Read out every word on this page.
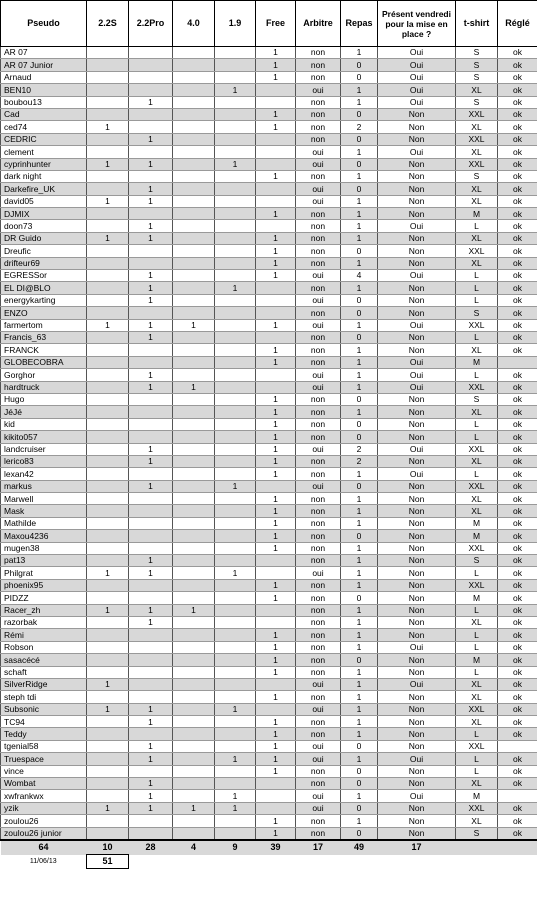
Pseudo	2.2S	2.2Pro	4.0	1.9	Free	Arbitre	Repas	Présent vendredi pour la mise en place ?	t-shirt	Réglé
AR 07					1	non	1	Oui	S	ok
AR 07 Junior					1	non	0	Oui	S	ok
Arnaud					1	non	0	Oui	S	ok
BEN10				1		oui	1	Oui	XL	ok
boubou13		1				non	1	Oui	S	ok
Cad					1	non	0	Non	XXL	ok
ced74	1				1	non	2	Non	XL	ok
CEDRIC		1				non	0	Non	XXL	ok
clement						oui	1	Oui	XL	ok
cyprinhunter	1	1		1		oui	0	Non	XXL	ok
dark night					1	non	1	Non	S	ok
Darkefire_UK		1				oui	0	Non	XL	ok
david05	1	1				oui	1	Non	XL	ok
DJMIX					1	non	1	Non	M	ok
doon73		1				non	1	Oui	L	ok
DR Guido	1	1			1	non	1	Non	XL	ok
Dreufic					1	non	0	Non	XXL	ok
drifteur69					1	non	1	Non	XL	ok
EGRESSor		1			1	oui	4	Oui	L	ok
EL DI@BLO		1		1		non	1	Non	L	ok
energykarting		1				oui	0	Non	L	ok
ENZO						non	0	Non	S	ok
farmertom	1	1	1		1	oui	1	Oui	XXL	ok
Francis_63		1				non	0	Non	L	ok
FRANCK					1	non	1	Non	XL	ok
GLOBECOBRA					1	non	1	Oui	M	
Gorghor		1				oui	1	Oui	L	ok
hardtruck		1	1			oui	1	Oui	XXL	ok
Hugo					1	non	0	Non	S	ok
JéJé					1	non	1	Non	XL	ok
kid					1	non	0	Non	L	ok
kikito057					1	non	0	Non	L	ok
landcruiser		1			1	oui	2	Oui	XXL	ok
lerico83		1			1	non	2	Non	XL	ok
lexan42					1	non	1	Oui	L	ok
markus		1		1		oui	0	Non	XXL	ok
Marwell					1	non	1	Non	XL	ok
Mask					1	non	1	Non	XL	ok
Mathilde					1	non	1	Non	M	ok
Maxou4236					1	non	0	Non	M	ok
mugen38					1	non	1	Non	XXL	ok
pat13		1				non	1	Non	S	ok
Philgrat	1	1		1		oui	1	Non	L	ok
phoenix95					1	non	1	Non	XXL	ok
PIDZZ					1	non	0	Non	M	ok
Racer_zh	1	1	1			non	1	Non	L	ok
razorbak		1				non	1	Non	XL	ok
Rémi					1	non	1	Non	L	ok
Robson					1	non	1	Oui	L	ok
sasacécé					1	non	0	Non	M	ok
schaft					1	non	1	Non	L	ok
SilverRidge	1					oui	1	Oui	XL	ok
steph tdi					1	non	1	Non	XL	ok
Subsonic	1	1		1		oui	1	Non	XXL	ok
TC94		1			1	non	1	Non	XL	ok
Teddy					1	non	1	Non	L	ok
tgenial58		1			1	oui	0	Non	XXL	
Truespace		1		1	1	oui	1	Oui	L	ok
vince					1	non	0	Non	L	ok
Wombat		1				non	0	Non	XL	ok
xwfrankwx		1		1		oui	1	Oui	M	
yzik	1	1	1	1		oui	0	Non	XXL	ok
zoulou26					1	non	1	Non	XL	ok
zoulou26 junior					1	non	0	Non	S	ok
64	10	28	4	9	39	17	49	17		
11/06/13	51									
